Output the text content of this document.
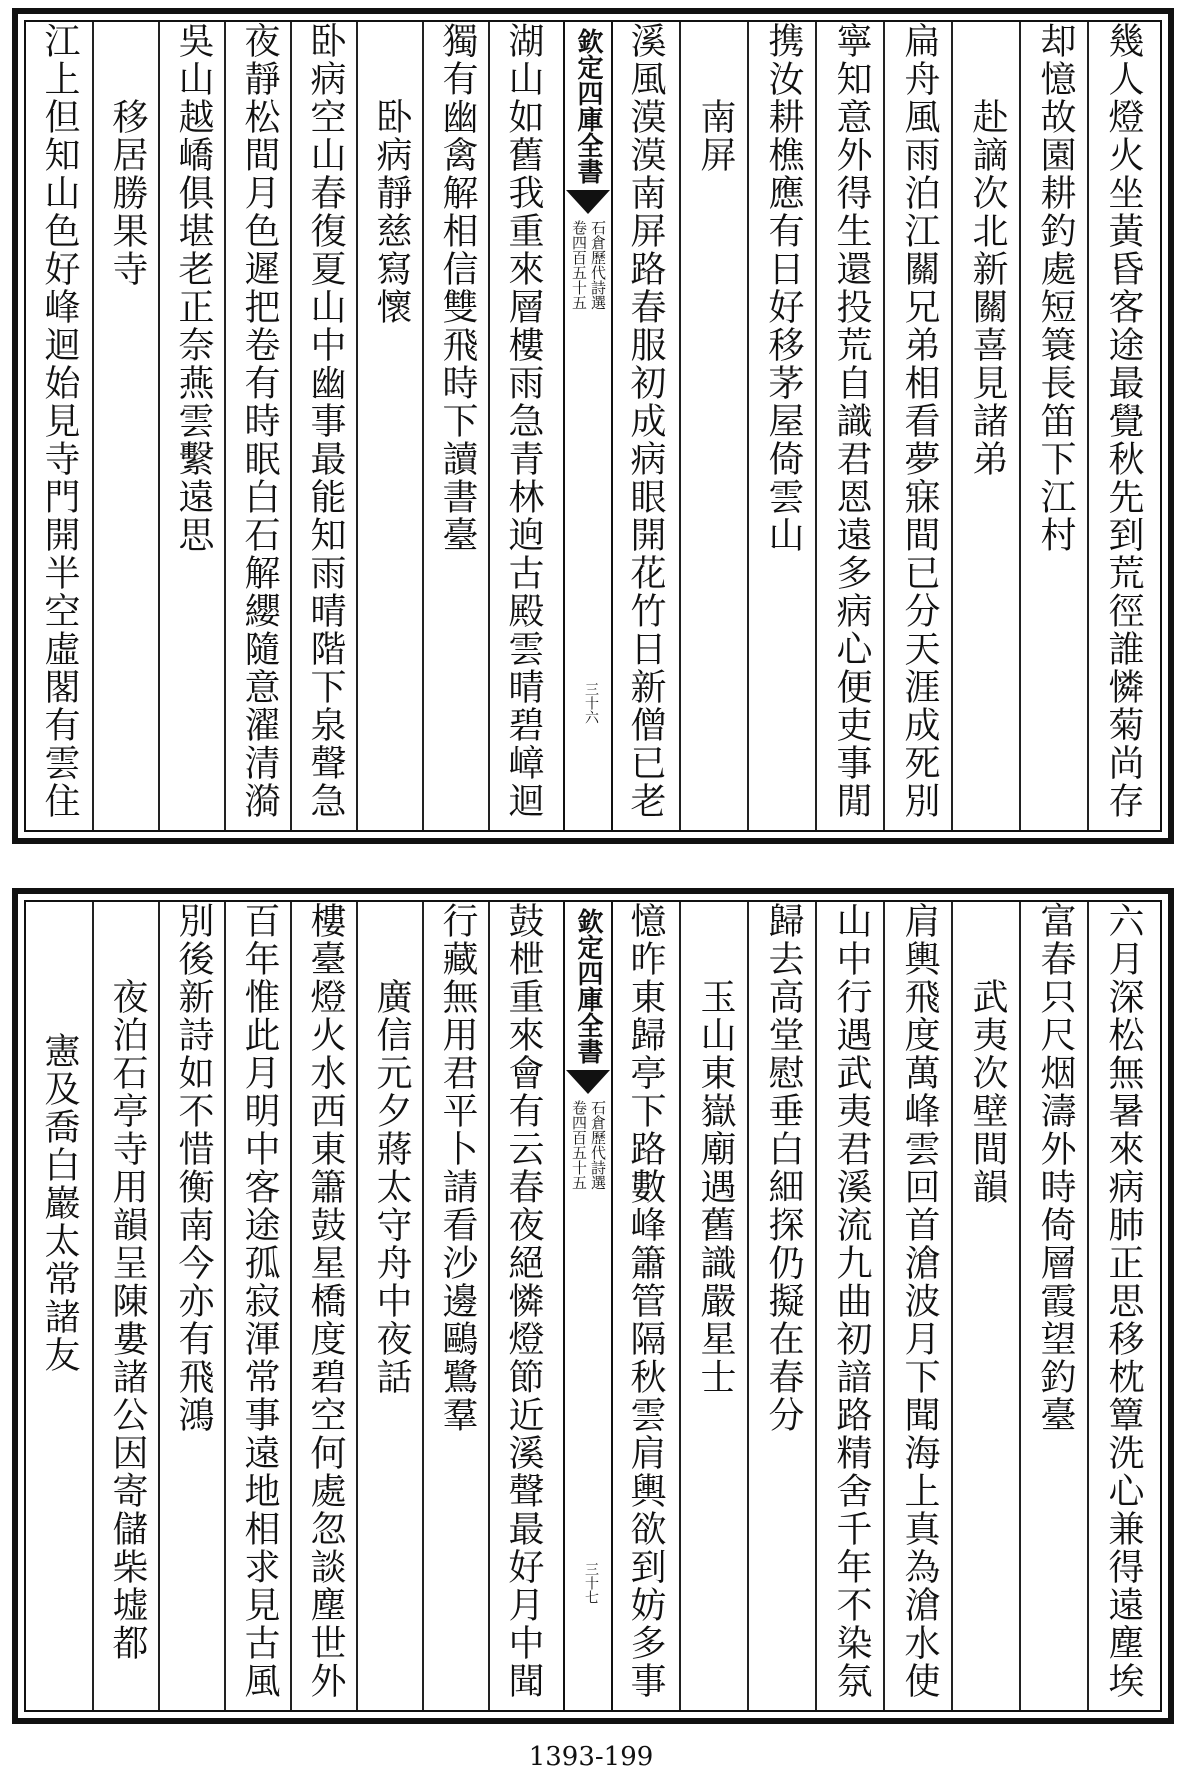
江上但知山色好峰迴始見寺門開半空虛閣有雲住 　　移居勝果寺 吳山越嶠俱堪老正奈燕雲繫遠思 夜靜松間月色遲把卷有時眠白石解纓隨意濯清漪 卧病空山春復夏山中幽事最能知雨晴階下泉聲急 　　卧病靜慈寫懷 獨有幽禽解相信雙飛時下讀書臺 湖山如舊我重來層樓雨急青林逈古殿雲晴碧嶂迴 欽定四庫全書
石倉歷代詩選
卷四百五十五
三十六 溪風漠漠南屏路春服初成病眼開花竹日新僧已老 　　南屏 携汝耕樵應有日好移茅屋倚雲山 寧知意外得生還投荒自識君恩遠多病心便吏事閒 扁舟風雨泊江關兄弟相看夢寐間已分天涯成死別 　　赴謫次北新關喜見諸弟 却憶故園耕釣處短簑長笛下江村 幾人燈火坐黃昏客途最覺秋先到荒徑誰憐菊尚存
憲及喬白巖太常諸友 　　夜泊石亭寺用韻呈陳婁諸公因寄儲柴墟都 別後新詩如不惜衡南今亦有飛鴻 百年惟此月明中客途孤寂渾常事遠地相求見古風 樓臺燈火水西東簫鼓星橋度碧空何處忽談塵世外 　　廣信元夕蔣太守舟中夜話 行藏無用君平卜請看沙邊鷗鷺羣 鼓枻重來會有云春夜絕憐燈節近溪聲最好月中聞 欽定四庫全書
石倉歷代詩選
卷四百五十五
三十七 憶昨東歸亭下路數峰簫管隔秋雲肩輿欲到妨多事 　　玉山東嶽廟遇舊識嚴星士 歸去高堂慰垂白細探仍擬在春分 山中行遇武夷君溪流九曲初諳路精舍千年不染氛 肩輿飛度萬峰雲回首滄波月下聞海上真為滄水使 　　武夷次壁間韻 富春只尺烟濤外時倚層霞望釣臺 六月深松無暑來病肺正思移枕簟洗心兼得遠塵埃
1393-199
